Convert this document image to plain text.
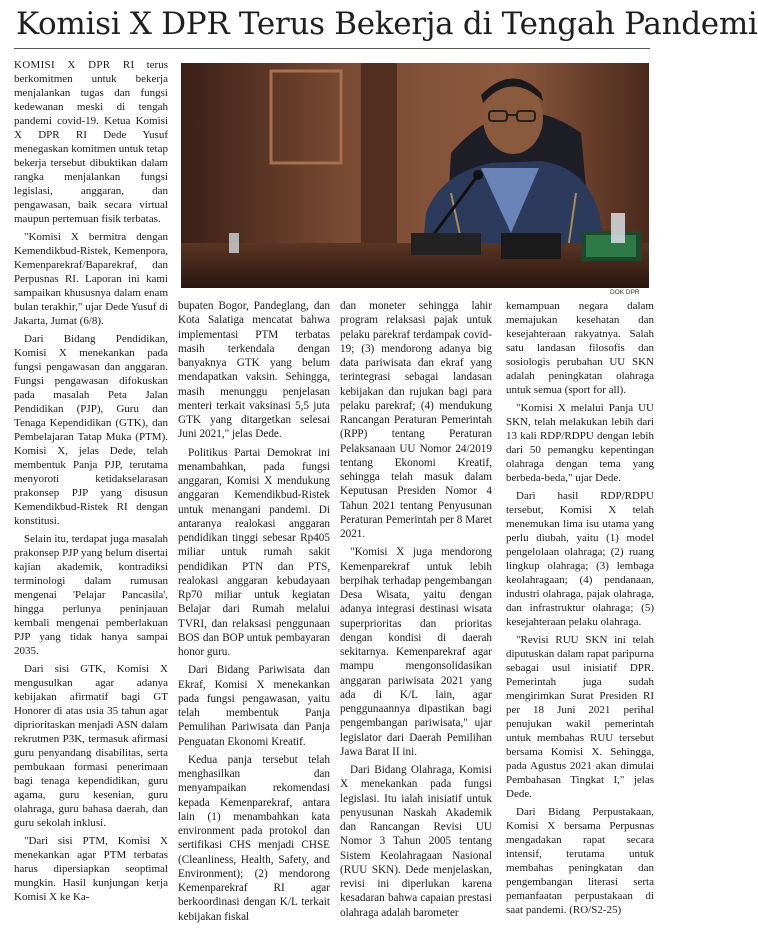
Komisi X DPR Terus Bekerja di Tengah Pandemi
DOK DPR

KOMISI X DPR RI terus berkomitmen untuk bekerja menjalankan tugas dan fungsi kedewanan meski di tengah pandemi covid-19. Ketua Komisi X DPR RI Dede Yusuf menegaskan komitmen untuk tetap bekerja tersebut dibuktikan dalam rangka menjalankan fungsi legislasi, anggaran, dan pengawasan, baik secara virtual maupun pertemuan fisik terbatas.

"Komisi X bermitra dengan Kemendikbud-Ristek, Kemenpora, Kemenparekraf/Baparekraf, dan Perpusnas RI. Laporan ini kami sampaikan khususnya dalam enam bulan terakhir," ujar Dede Yusuf di Jakarta, Jumat (6/8).

Dari Bidang Pendidikan, Komisi X menekankan pada fungsi pengawasan dan anggaran. Fungsi pengawasan difokuskan pada masalah Peta Jalan Pendidikan (PJP), Guru dan Tenaga Kependidikan (GTK), dan Pembelajaran Tatap Muka (PTM). Komisi X, jelas Dede, telah membentuk Panja PJP, terutama menyoroti ketidakselarasan prakonsep PJP yang disusun Kemendikbud-Ristek RI dengan konstitusi.

Selain itu, terdapat juga masalah prakonsep PJP yang belum disertai kajian akademik, kontradiksi terminologi dalam rumusan mengenai 'Pelajar Pancasila', hingga perlunya peninjauan kembali mengenai pemberlakuan PJP yang tidak hanya sampai 2035.

Dari sisi GTK, Komisi X mengusulkan agar adanya kebijakan afirmatif bagi GT Honorer di atas usia 35 tahun agar diprioritaskan menjadi ASN dalam rekrutmen P3K, termasuk afirmasi guru penyandang disabilitas, serta pembukaan formasi penerimaan bagi tenaga kependidikan, guru agama, guru kesenian, guru olahraga, guru bahasa daerah, dan guru sekolah inklusi.

"Dari sisi PTM, Komisi X menekankan agar PTM terbatas harus dipersiapkan seoptimal mungkin. Hasil kunjungan kerja Komisi X ke Ka-

bupaten Bogor, Pandeglang, dan Kota Salatiga mencatat bahwa implementasi PTM terbatas masih terkendala dengan banyaknya GTK yang belum mendapatkan vaksin. Sehingga, masih menunggu penjelasan menteri terkait vaksinasi 5,5 juta GTK yang ditargetkan selesai Juni 2021," jelas Dede.

Politikus Partai Demokrat ini menambahkan, pada fungsi anggaran, Komisi X mendukung anggaran Kemendikbud-Ristek untuk menangani pandemi. Di antaranya realokasi anggaran pendidikan tinggi sebesar Rp405 miliar untuk rumah sakit pendidikan PTN dan PTS, realokasi anggaran kebudayaan Rp70 miliar untuk kegiatan Belajar dari Rumah melalui TVRI, dan relaksasi penggunaan BOS dan BOP untuk pembayaran honor guru.

Dari Bidang Pariwisata dan Ekraf, Komisi X menekankan pada fungsi pengawasan, yaitu telah membentuk Panja Pemulihan Pariwisata dan Panja Penguatan Ekonomi Kreatif.

Kedua panja tersebut telah menghasilkan dan menyampaikan rekomendasi kepada Kemenparekraf, antara lain (1) menambahkan kata environment pada protokol dan sertifikasi CHS menjadi CHSE (Cleanliness, Health, Safety, and Environment); (2) mendorong Kemenparekraf RI agar berkoordinasi dengan K/L terkait kebijakan fiskal

dan moneter sehingga lahir program relaksasi pajak untuk pelaku parekraf terdampak covid-19; (3) mendorong adanya big data pariwisata dan ekraf yang terintegrasi sebagai landasan kebijakan dan rujukan bagi para pelaku parekraf; (4) mendukung Rancangan Peraturan Pemerintah (RPP) tentang Peraturan Pelaksanaan UU Nomor 24/2019 tentang Ekonomi Kreatif, sehingga telah masuk dalam Keputusan Presiden Nomor 4 Tahun 2021 tentang Penyusunan Peraturan Pemerintah per 8 Maret 2021.

"Komisi X juga mendorong Kemenparekraf untuk lebih berpihak terhadap pengembangan Desa Wisata, yaitu dengan adanya integrasi destinasi wisata superprioritas dan prioritas dengan kondisi di daerah sekitarnya. Kemenparekraf agar mampu mengonsolidasikan anggaran pariwisata 2021 yang ada di K/L lain, agar penggunaannya dipastikan bagi pengembangan pariwisata," ujar legislator dari Daerah Pemilihan Jawa Barat II ini.

Dari Bidang Olahraga, Komisi X menekankan pada fungsi legislasi. Itu ialah inisiatif untuk penyusunan Naskah Akademik dan Rancangan Revisi UU Nomor 3 Tahun 2005 tentang Sistem Keolahragaan Nasional (RUU SKN). Dede menjelaskan, revisi ini diperlukan karena kesadaran bahwa capaian prestasi olahraga adalah barometer

kemampuan negara dalam memajukan kesehatan dan kesejahteraan rakyatnya. Salah satu landasan filosofis dan sosiologis perubahan UU SKN adalah peningkatan olahraga untuk semua (sport for all).

"Komisi X melalui Panja UU SKN, telah melakukan lebih dari 13 kali RDP/RDPU dengan lebih dari 50 pemangku kepentingan olahraga dengan tema yang berbeda-beda," ujar Dede.

Dari hasil RDP/RDPU tersebut, Komisi X telah menemukan lima isu utama yang perlu diubah, yaitu (1) model pengelolaan olahraga; (2) ruang lingkup olahraga; (3) lembaga keolahragaan; (4) pendanaan, industri olahraga, pajak olahraga, dan infrastruktur olahraga; (5) kesejahteraan pelaku olahraga.

"Revisi RUU SKN ini telah diputuskan dalam rapat paripurna sebagai usul inisiatif DPR. Pemerintah juga sudah mengirimkan Surat Presiden RI per 18 Juni 2021 perihal penujukan wakil pemerintah untuk membahas RUU tersebut bersama Komisi X. Sehingga, pada Agustus 2021 akan dimulai Pembahasan Tingkat I," jelas Dede.

Dari Bidang Perpustakaan, Komisi X bersama Perpusnas mengadakan rapat secara intensif, terutama untuk membahas peningkatan dan pengembangan literasi serta pemanfaatan perpustakaan di saat pandemi. (RO/S2-25)
